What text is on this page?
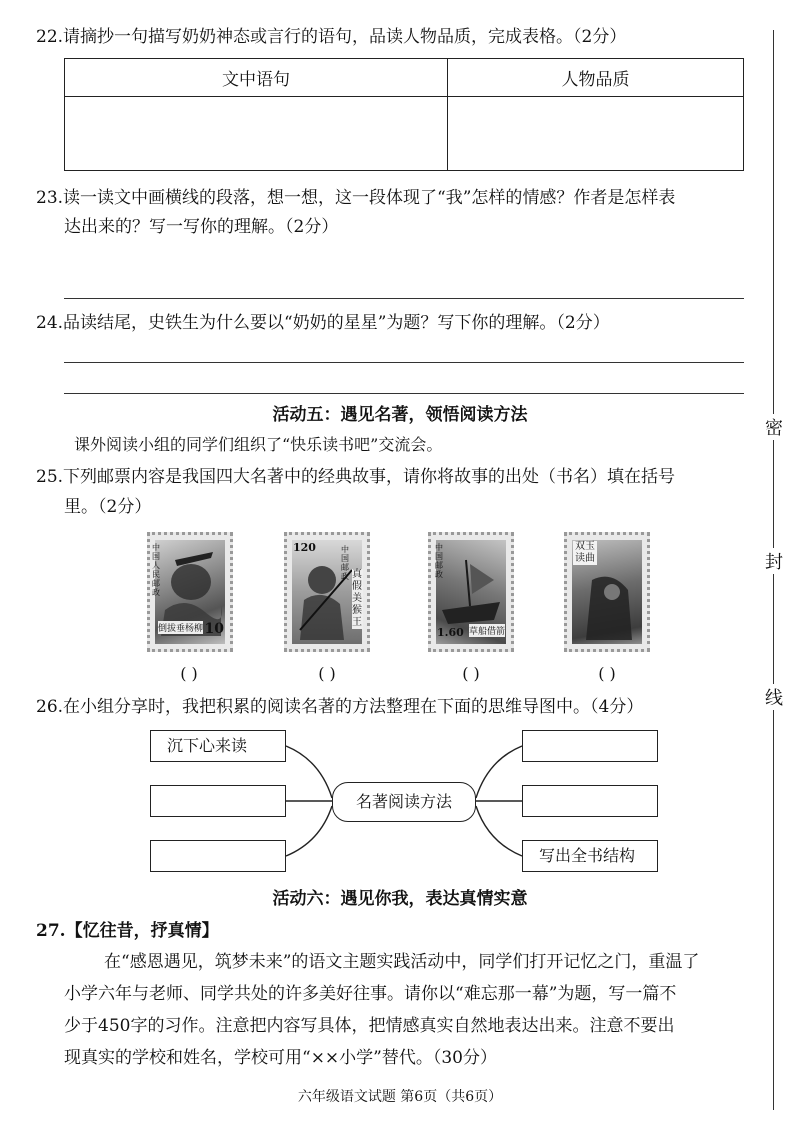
22.请摘抄一句描写奶奶神态或言行的语句，品读人物品质，完成表格。（2分）
文中语句	人物品质

23.读一读文中画横线的段落，想一想，这一段体现了“我”怎样的情感？作者是怎样表
达出来的？写一写你的理解。（2分）
24.品读结尾，史铁生为什么要以“奶奶的星星”为题？写下你的理解。（2分）
活动五：遇见名著，领悟阅读方法
课外阅读小组的同学们组织了“快乐读书吧”交流会。
25.下列邮票内容是我国四大名著中的经典故事，请你将故事的出处（书名）填在括号
里。（2分）
中国人民邮政
倒拔垂杨柳 10
120	中国邮政 真假美猴王
中国邮政
1.60 草船借箭
双玉读曲
( )	( )	( )	( )
26.在小组分享时，我把积累的阅读名著的方法整理在下面的思维导图中。（4分）
沉下心来读
名著阅读方法
写出全书结构
活动六：遇见你我，表达真情实意
27.【忆往昔，抒真情】
在“感恩遇见，筑梦未来”的语文主题实践活动中，同学们打开记忆之门，重温了
小学六年与老师、同学共处的许多美好往事。请你以“难忘那一幕”为题，写一篇不
少于450字的习作。注意把内容写具体，把情感真实自然地表达出来。注意不要出
现真实的学校和姓名，学校可用“××小学”替代。（30分）
密
封
线
六年级语文试题 第6页（共6页）
